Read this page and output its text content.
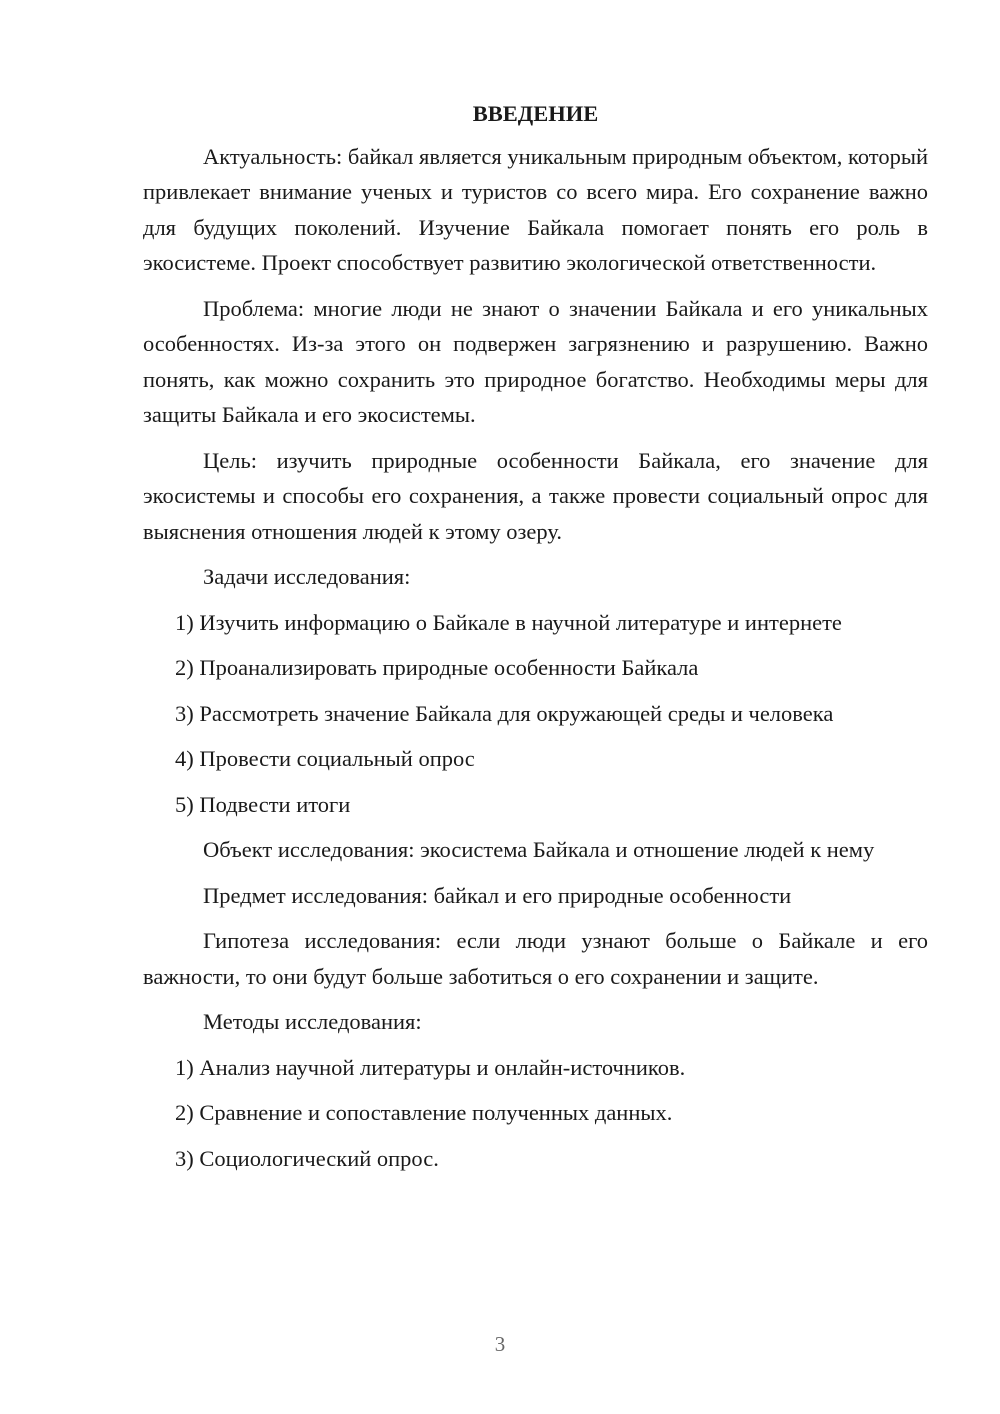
ВВЕДЕНИЕ

Актуальность: байкал является уникальным природным объектом, который привлекает внимание ученых и туристов со всего мира. Его сохранение важно для будущих поколений. Изучение Байкала помогает понять его роль в экосистеме. Проект способствует развитию экологической ответственности.

Проблема: многие люди не знают о значении Байкала и его уникальных особенностях. Из-за этого он подвержен загрязнению и разрушению. Важно понять, как можно сохранить это природное богатство. Необходимы меры для защиты Байкала и его экосистемы.

Цель: изучить природные особенности Байкала, его значение для экосистемы и способы его сохранения, а также провести социальный опрос для выяснения отношения людей к этому озеру.

Задачи исследования:
1) Изучить информацию о Байкале в научной литературе и интернете
2) Проанализировать природные особенности Байкала
3) Рассмотреть значение Байкала для окружающей среды и человека
4) Провести социальный опрос
5) Подвести итоги

Объект исследования: экосистема Байкала и отношение людей к нему

Предмет исследования: байкал и его природные особенности

Гипотеза исследования: если люди узнают больше о Байкале и его важности, то они будут больше заботиться о его сохранении и защите.

Методы исследования:
1) Анализ научной литературы и онлайн-источников.
2) Сравнение и сопоставление полученных данных.
3) Социологический опрос.
3
